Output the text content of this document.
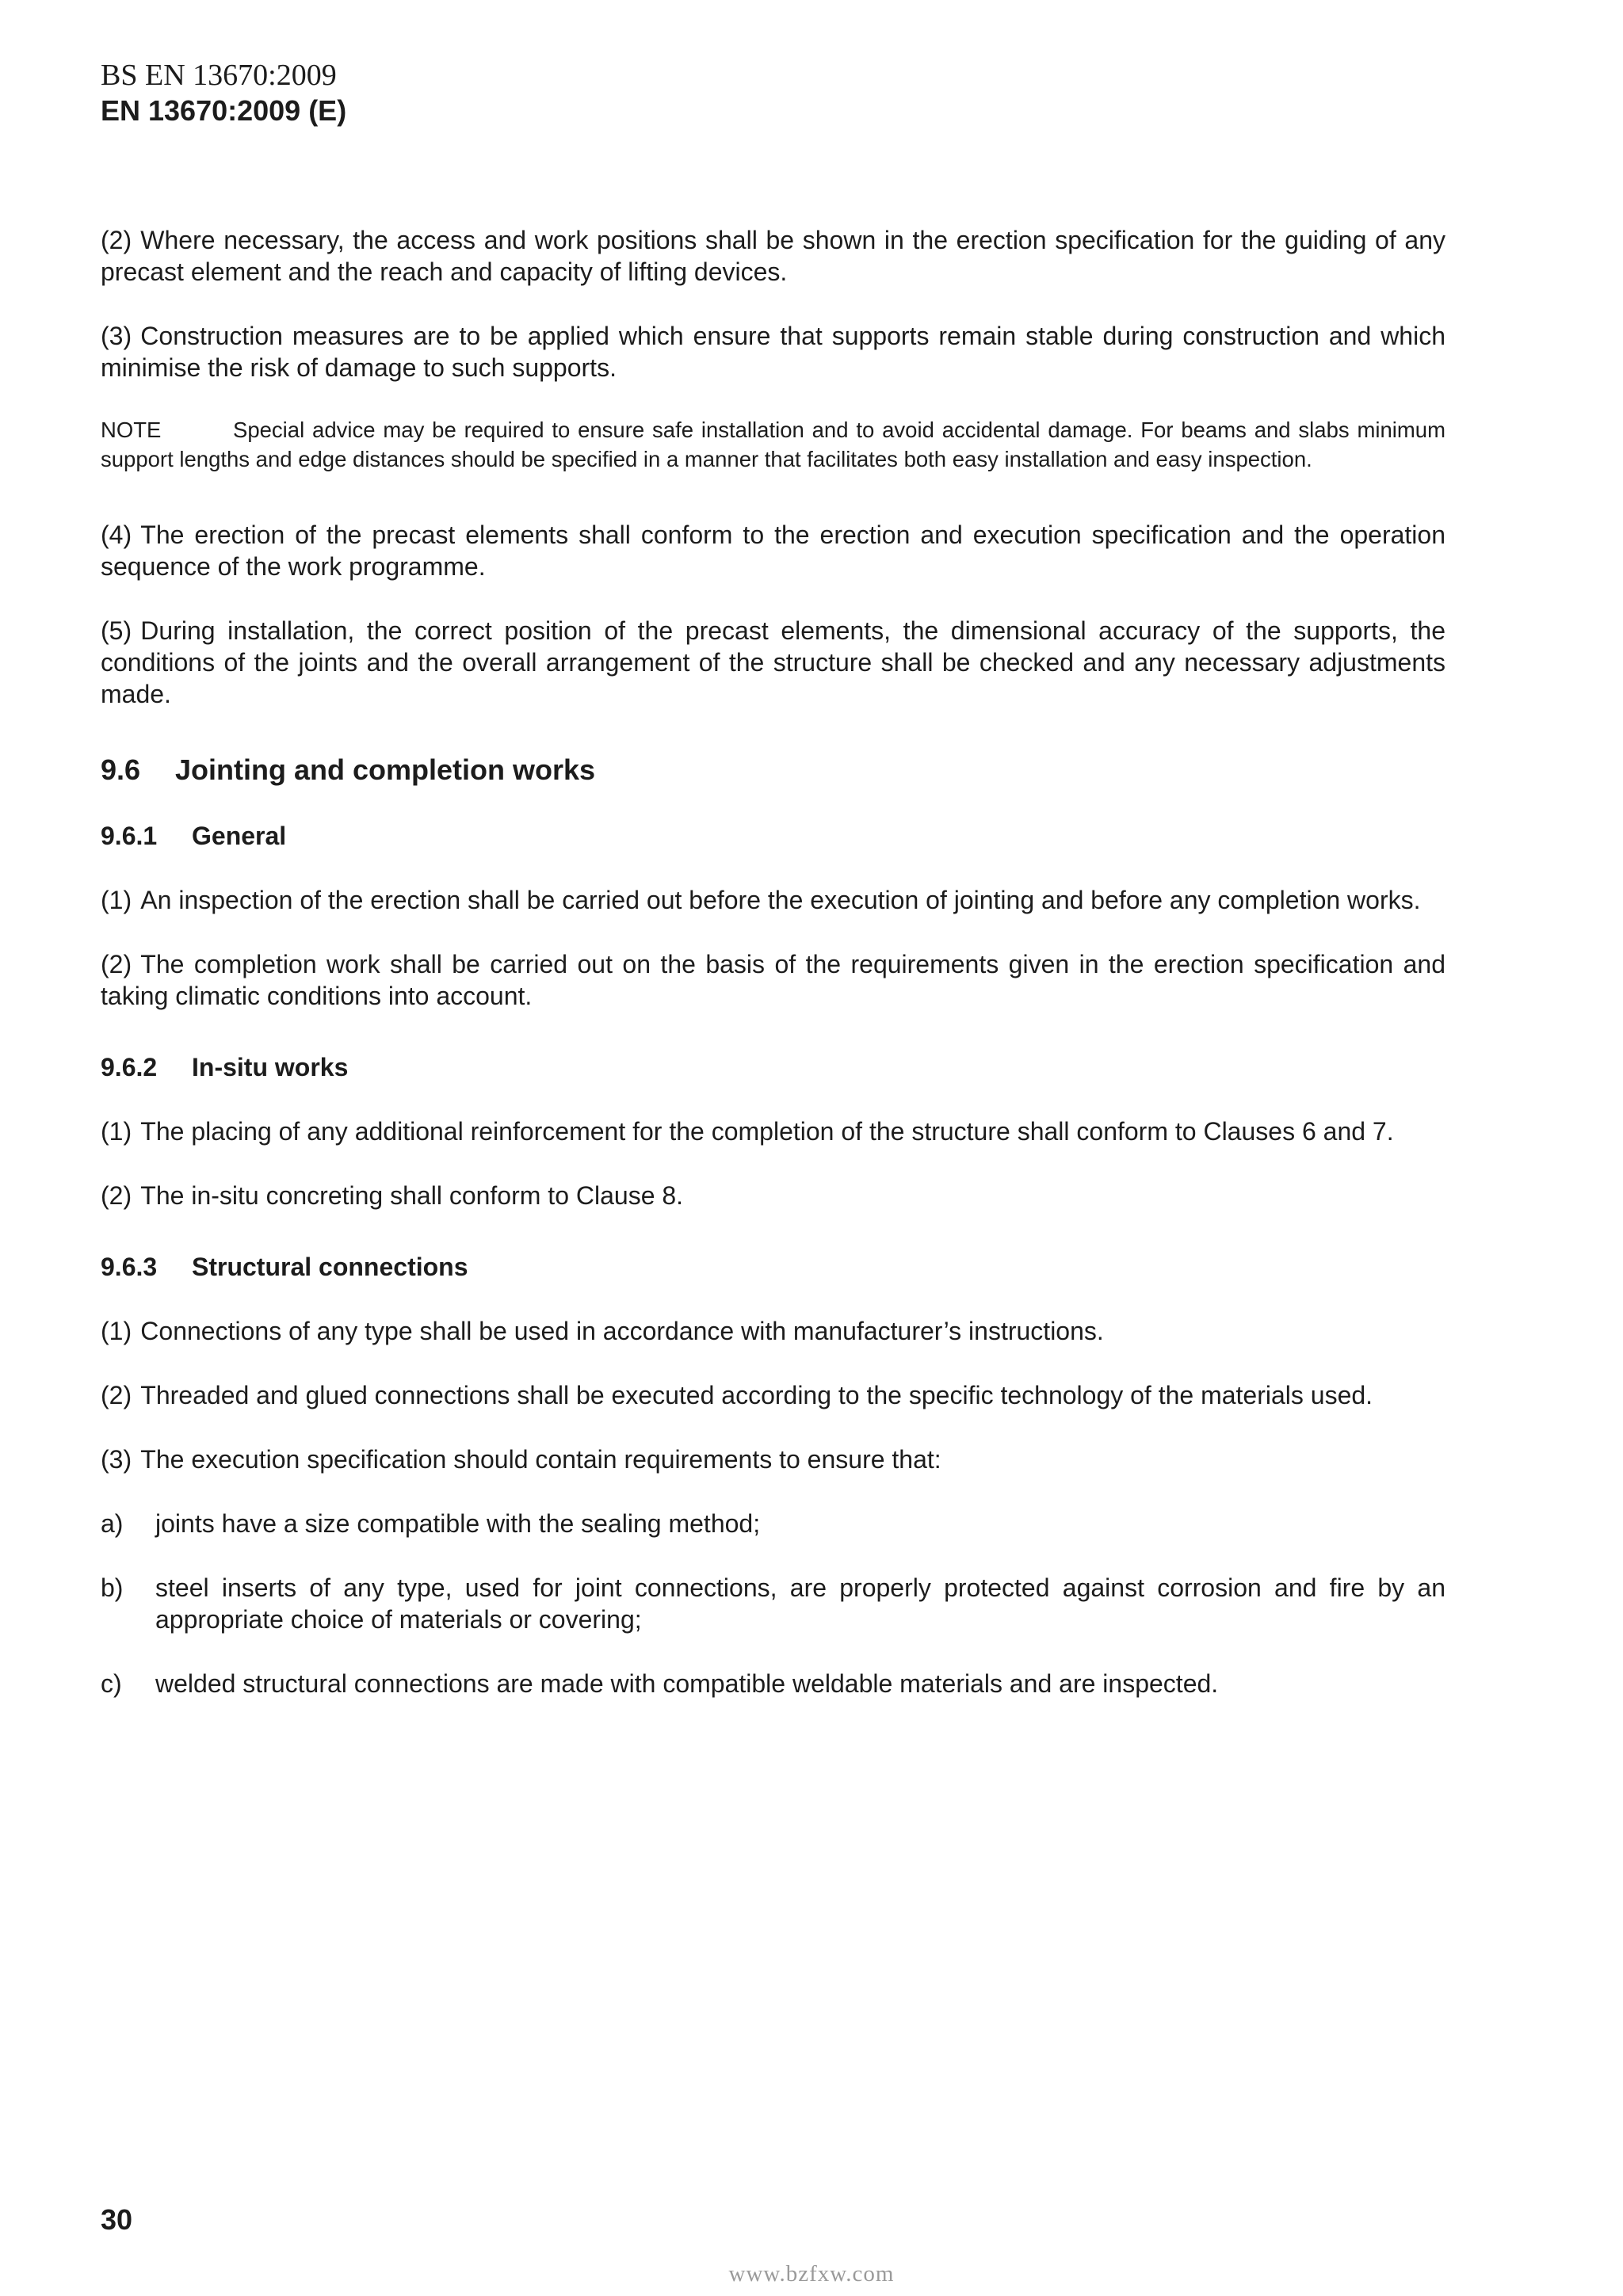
BS EN 13670:2009
EN 13670:2009 (E)

(2) Where necessary, the access and work positions shall be shown in the erection specification for the guiding of any precast element and the reach and capacity of lifting devices.

(3) Construction measures are to be applied which ensure that supports remain stable during construction and which minimise the risk of damage to such supports.

NOTE	Special advice may be required to ensure safe installation and to avoid accidental damage. For beams and slabs minimum support lengths and edge distances should be specified in a manner that facilitates both easy installation and easy inspection.

(4) The erection of the precast elements shall conform to the erection and execution specification and the operation sequence of the work programme.

(5) During installation, the correct position of the precast elements, the dimensional accuracy of the supports, the conditions of the joints and the overall arrangement of the structure shall be checked and any necessary adjustments made.

9.6 Jointing and completion works
9.6.1 General

(1) An inspection of the erection shall be carried out before the execution of jointing and before any completion works.

(2) The completion work shall be carried out on the basis of the requirements given in the erection specification and taking climatic conditions into account.

9.6.2 In-situ works

(1) The placing of any additional reinforcement for the completion of the structure shall conform to Clauses 6 and 7.

(2) The in-situ concreting shall conform to Clause 8.

9.6.3 Structural connections

(1) Connections of any type shall be used in accordance with manufacturer’s instructions.

(2) Threaded and glued connections shall be executed according to the specific technology of the materials used.

(3) The execution specification should contain requirements to ensure that:

a)	joints have a size compatible with the sealing method;
b)	steel inserts of any type, used for joint connections, are properly protected against corrosion and fire by an appropriate choice of materials or covering;
c)	welded structural connections are made with compatible weldable materials and are inspected.
30
www.bzfxw.com
